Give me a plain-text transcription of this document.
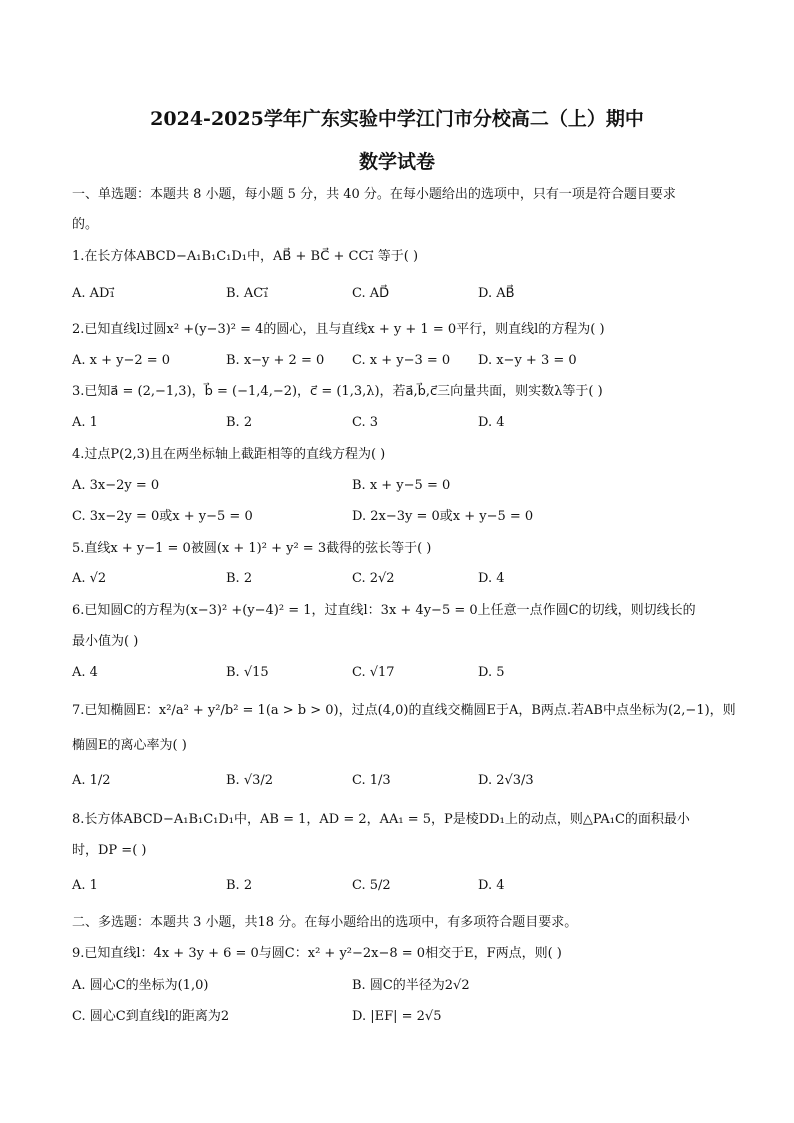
2024-2025学年广东实验中学江门市分校高二（上）期中
数学试卷
一、单选题：本题共 8 小题，每小题 5 分，共 40 分。在每小题给出的选项中，只有一项是符合题目要求
的。
1.在长方体ABCD−A₁B₁C₁D₁中，AB⃗ + BC⃗ + CC₁⃗ 等于( )
A. AD₁⃗	B. AC₁⃗	C. AD⃗	D. AB⃗
2.已知直线l过圆x² +(y−3)² = 4的圆心，且与直线x + y + 1 = 0平行，则直线l的方程为( )
A. x + y−2 = 0	B. x−y + 2 = 0 C. x + y−3 = 0 D. x−y + 3 = 0
3.已知a⃗ = (2,−1,3)，b⃗ = (−1,4,−2)，c⃗ = (1,3,λ)，若a⃗,b⃗,c⃗三向量共面，则实数λ等于( )
A. 1	B. 2	C. 3	D. 4
4.过点P(2,3)且在两坐标轴上截距相等的直线方程为( )
A. 3x−2y = 0	B. x + y−5 = 0
C. 3x−2y = 0或x + y−5 = 0	D. 2x−3y = 0或x + y−5 = 0
5.直线x + y−1 = 0被圆(x + 1)² + y² = 3截得的弦长等于( )
A. √2	B. 2	C. 2√2	D. 4
6.已知圆C的方程为(x−3)² +(y−4)² = 1，过直线l：3x + 4y−5 = 0上任意一点作圆C的切线，则切线长的
最小值为( )
A. 4	B. √15	C. √17	D. 5
7.已知椭圆E：x²/a² + y²/b² = 1(a > b > 0)，过点(4,0)的直线交椭圆E于A，B两点.若AB中点坐标为(2,−1)，则
椭圆E的离心率为( )
A. 1/2	B. √3/2	C. 1/3	D. 2√3/3
8.长方体ABCD−A₁B₁C₁D₁中，AB = 1，AD = 2，AA₁ = 5，P是棱DD₁上的动点，则△PA₁C的面积最小
时，DP =( )
A. 1	B. 2	C. 5/2	D. 4
二、多选题：本题共 3 小题，共18 分。在每小题给出的选项中，有多项符合题目要求。
9.已知直线l：4x + 3y + 6 = 0与圆C：x² + y²−2x−8 = 0相交于E，F两点，则( )
A. 圆心C的坐标为(1,0)	B. 圆C的半径为2√2
C. 圆心C到直线l的距离为2	D. |EF| = 2√5
